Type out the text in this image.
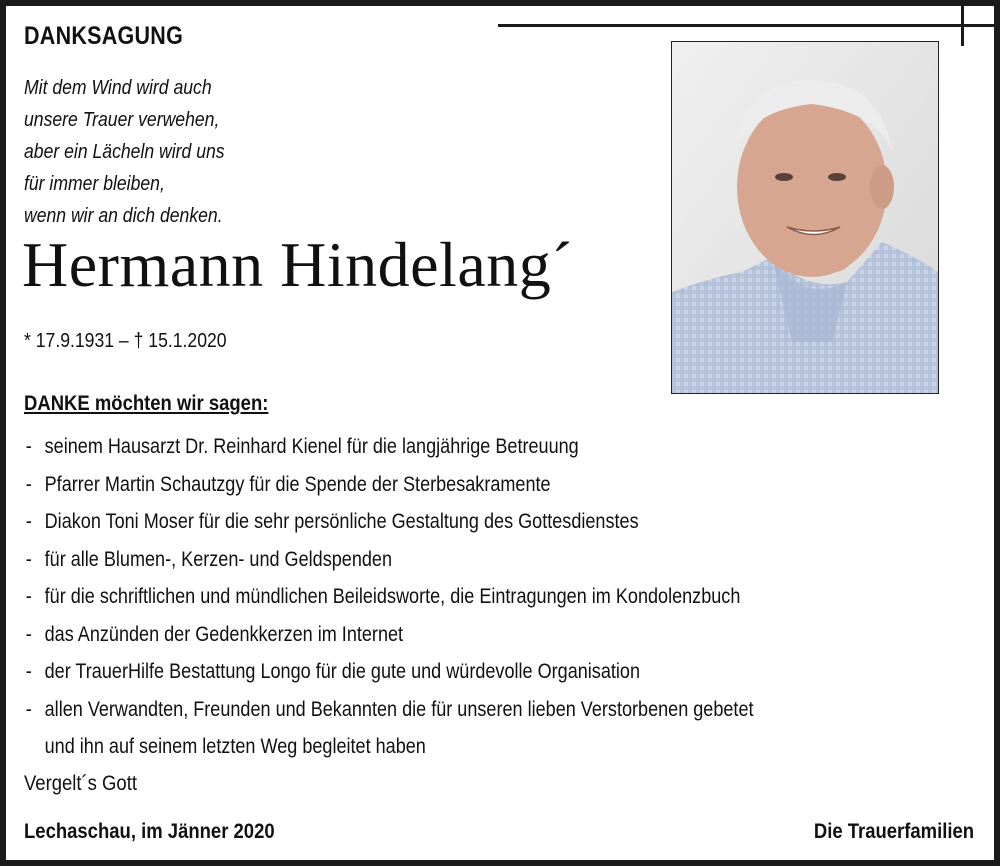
DANKSAGUNG
Mit dem Wind wird auch
unsere Trauer verwehen,
aber ein Lächeln wird uns
für immer bleiben,
wenn wir an dich denken.
Hermann Hindelang´
* 17.9.1931 – † 15.1.2020
DANKE möchten wir sagen:
- seinem Hausarzt Dr. Reinhard Kienel für die langjährige Betreuung
- Pfarrer Martin Schautzgy für die Spende der Sterbesakramente
- Diakon Toni Moser für die sehr persönliche Gestaltung des Gottesdienstes
- für alle Blumen-, Kerzen- und Geldspenden
- für die schriftlichen und mündlichen Beileidsworte, die Eintragungen im Kondolenzbuch
- das Anzünden der Gedenkkerzen im Internet
- der TrauerHilfe Bestattung Longo für die gute und würdevolle Organisation
- allen Verwandten, Freunden und Bekannten die für unseren lieben Verstorbenen gebetet
und ihn auf seinem letzten Weg begleitet haben
Vergelt´s Gott
Lechaschau, im Jänner 2020	Die Trauerfamilien
